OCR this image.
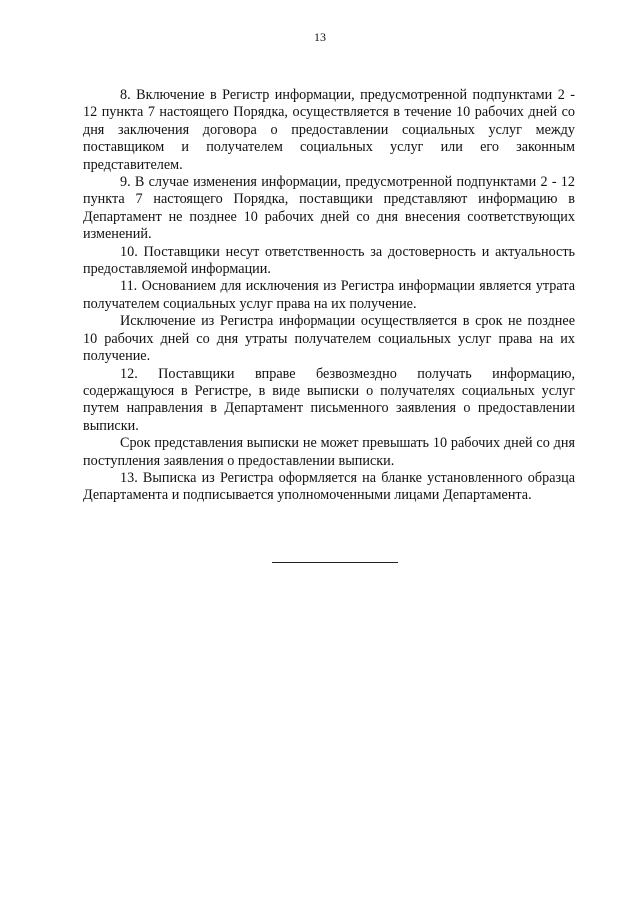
13

8. Включение в Регистр информации, предусмотренной подпунктами 2 - 12 пункта 7 настоящего Порядка, осуществляется в течение 10 рабочих дней со дня заключения договора о предоставлении социальных услуг между поставщиком и получателем социальных услуг или его законным представителем.

9. В случае изменения информации, предусмотренной подпунктами 2 - 12 пункта 7 настоящего Порядка, поставщики представляют информацию в Департамент не позднее 10 рабочих дней со дня внесения соответствующих изменений.

10. Поставщики несут ответственность за достоверность и актуальность предоставляемой информации.

11. Основанием для исключения из Регистра информации является утрата получателем социальных услуг права на их получение.

Исключение из Регистра информации осуществляется в срок не позднее 10 рабочих дней со дня утраты получателем социальных услуг права на их получение.

12. Поставщики вправе безвозмездно получать информацию, содержащуюся в Регистре, в виде выписки о получателях социальных услуг путем направления в Департамент письменного заявления о предоставлении выписки.

Срок представления выписки не может превышать 10 рабочих дней со дня поступления заявления о предоставлении выписки.

13. Выписка из Регистра оформляется на бланке установленного образца Департамента и подписывается уполномоченными лицами Департамента.
